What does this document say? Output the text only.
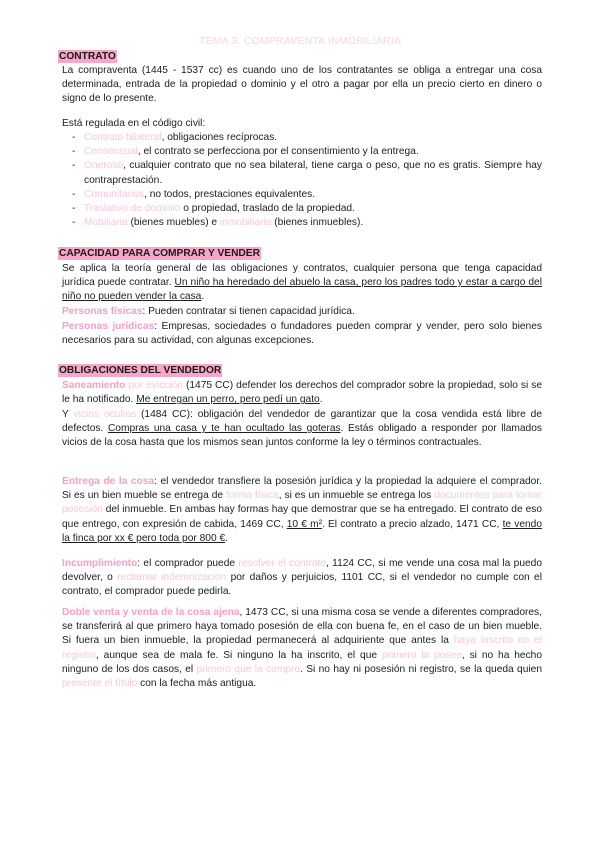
TEMA 3: COMPRAVENTA INMOBILIARIA
CONTRATO

La compraventa (1445 - 1537 cc) es cuando uno de los contratantes se obliga a entregar una cosa determinada, entrada de la propiedad o dominio y el otro a pagar por ella un precio cierto en dinero o signo de lo presente.

Está regulada en el código civil:

- Contrato bilateral, obligaciones recíprocas.
- Consensual, el contrato se perfecciona por el consentimiento y la entrega.
- Oneroso, cualquier contrato que no sea bilateral, tiene carga o peso, que no es gratis. Siempre hay contraprestación.
- Comunitarios, no todos, prestaciones equivalentes.
- Traslativo de dominio o propiedad, traslado de la propiedad.
- Mobiliaria (bienes muebles) e inmobiliaria (bienes inmuebles).
CAPACIDAD PARA COMPRAR Y VENDER

Se aplica la teoría general de las obligaciones y contratos, cualquier persona que tenga capacidad jurídica puede contratar. Un niño ha heredado del abuelo la casa, pero los padres todo y estar a cargo del niño no pueden vender la casa.

Personas físicas: Pueden contratar si tienen capacidad jurídica.

Personas jurídicas: Empresas, sociedades o fundadores pueden comprar y vender, pero solo bienes necesarios para su actividad, con algunas excepciones.

OBLIGACIONES DEL VENDEDOR

Saneamiento por evicción (1475 CC) defender los derechos del comprador sobre la propiedad, solo si se le ha notificado. Me entregan un perro, pero pedí un gato.

Y vicios ocultos (1484 CC): obligación del vendedor de garantizar que la cosa vendida está libre de defectos. Compras una casa y te han ocultado las goteras. Estás obligado a responder por llamados vicios de la cosa hasta que los mismos sean juntos conforme la ley o términos contractuales.

Entrega de la cosa: el vendedor transfiere la posesión jurídica y la propiedad la adquiere el comprador. Si es un bien mueble se entrega de forma física, si es un inmueble se entrega los documentos para tomar posesión del inmueble. En ambas hay formas hay que demostrar que se ha entregado. El contrato de eso que entrego, con expresión de cabida, 1469 CC, 10 € m². El contrato a precio alzado, 1471 CC, te vendo la finca por xx € pero toda por 800 €.

Incumplimiento: el comprador puede resolver el contrato, 1124 CC, si me vende una cosa mal la puedo devolver, o reclamar indemnización por daños y perjuicios, 1101 CC, si el vendedor no cumple con el contrato, el comprador puede pedirla.

Doble venta y venta de la cosa ajena, 1473 CC, si una misma cosa se vende a diferentes compradores, se transferirá al que primero haya tomado posesión de ella con buena fe, en el caso de un bien mueble. Si fuera un bien inmueble, la propiedad permanecerá al adquiriente que antes la haya inscrito en el registro, aunque sea de mala fe. Si ninguno la ha inscrito, el que primero la posee, si no ha hecho ninguno de los dos casos, el primero que la compro. Si no hay ni posesión ni registro, se la queda quien presente el título con la fecha más antigua.
